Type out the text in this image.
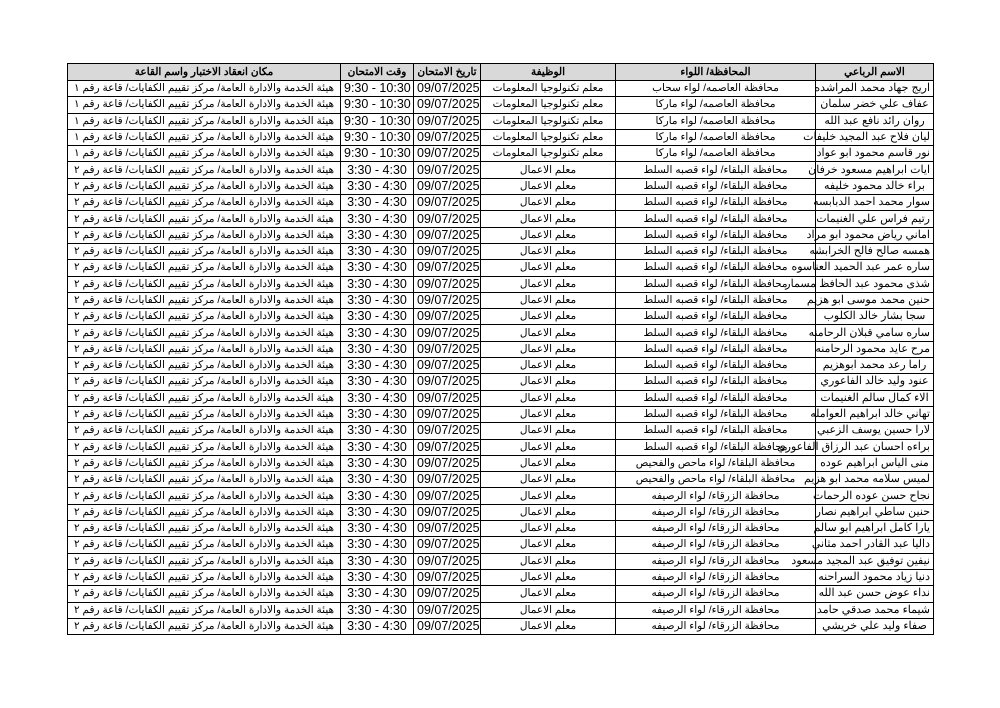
الاسم الرباعي	المحافظة/ اللواء	الوظيفة	تاريخ الامتحان	وقت الامتحان	مكان انعقاد الاختبار واسم القاعة
اريج جهاد محمد المراشده	محافظة العاصمه/ لواء سحاب	معلم تكنولوجيا المعلومات	09/07/2025	9:30 - 10:30	هيئة الخدمة والادارة العامة/ مركز تقييم الكفايات/ قاعة رقم ١
عفاف علي خضر سلمان	محافظة العاصمه/ لواء ماركا	معلم تكنولوجيا المعلومات	09/07/2025	9:30 - 10:30	هيئة الخدمة والادارة العامة/ مركز تقييم الكفايات/ قاعة رقم ١
روان رائد نافع عبد الله	محافظة العاصمه/ لواء ماركا	معلم تكنولوجيا المعلومات	09/07/2025	9:30 - 10:30	هيئة الخدمة والادارة العامة/ مركز تقييم الكفايات/ قاعة رقم ١
ليان فلاح عبد المجيد خليفات	محافظة العاصمه/ لواء ماركا	معلم تكنولوجيا المعلومات	09/07/2025	9:30 - 10:30	هيئة الخدمة والادارة العامة/ مركز تقييم الكفايات/ قاعة رقم ١
نور قاسم محمود ابو عواد	محافظة العاصمه/ لواء ماركا	معلم تكنولوجيا المعلومات	09/07/2025	9:30 - 10:30	هيئة الخدمة والادارة العامة/ مركز تقييم الكفايات/ قاعة رقم ١
ايات ابراهيم مسعود خرفان	محافظة البلقاء/ لواء قصبه السلط	معلم الاعمال	09/07/2025	3:30 - 4:30	هيئة الخدمة والادارة العامة/ مركز تقييم الكفايات/ قاعة رقم ٢
براء خالد محمود خليفه	محافظة البلقاء/ لواء قصبه السلط	معلم الاعمال	09/07/2025	3:30 - 4:30	هيئة الخدمة والادارة العامة/ مركز تقييم الكفايات/ قاعة رقم ٢
سوار محمد احمد الدبابسه	محافظة البلقاء/ لواء قصبه السلط	معلم الاعمال	09/07/2025	3:30 - 4:30	هيئة الخدمة والادارة العامة/ مركز تقييم الكفايات/ قاعة رقم ٢
رتيم فراس علي الغنيمات	محافظة البلقاء/ لواء قصبه السلط	معلم الاعمال	09/07/2025	3:30 - 4:30	هيئة الخدمة والادارة العامة/ مركز تقييم الكفايات/ قاعة رقم ٢
اماني رياض محمود ابو مراد	محافظة البلقاء/ لواء قصبه السلط	معلم الاعمال	09/07/2025	3:30 - 4:30	هيئة الخدمة والادارة العامة/ مركز تقييم الكفايات/ قاعة رقم ٢
همسه صالح فالح الخرابشه	محافظة البلقاء/ لواء قصبه السلط	معلم الاعمال	09/07/2025	3:30 - 4:30	هيئة الخدمة والادارة العامة/ مركز تقييم الكفايات/ قاعة رقم ٢
ساره عمر عبد الحميد العناسوه	محافظة البلقاء/ لواء قصبه السلط	معلم الاعمال	09/07/2025	3:30 - 4:30	هيئة الخدمة والادارة العامة/ مركز تقييم الكفايات/ قاعة رقم ٢
شذى محمود عبد الحافظ مسمار	محافظة البلقاء/ لواء قصبه السلط	معلم الاعمال	09/07/2025	3:30 - 4:30	هيئة الخدمة والادارة العامة/ مركز تقييم الكفايات/ قاعة رقم ٢
حنين محمد موسى ابو هزيم	محافظة البلقاء/ لواء قصبه السلط	معلم الاعمال	09/07/2025	3:30 - 4:30	هيئة الخدمة والادارة العامة/ مركز تقييم الكفايات/ قاعة رقم ٢
سجا بشار خالد الكلوب	محافظة البلقاء/ لواء قصبه السلط	معلم الاعمال	09/07/2025	3:30 - 4:30	هيئة الخدمة والادارة العامة/ مركز تقييم الكفايات/ قاعة رقم ٢
ساره سامي قبلان الرحامنه	محافظة البلقاء/ لواء قصبه السلط	معلم الاعمال	09/07/2025	3:30 - 4:30	هيئة الخدمة والادارة العامة/ مركز تقييم الكفايات/ قاعة رقم ٢
مرح عايد محمود الرحامنه	محافظة البلقاء/ لواء قصبه السلط	معلم الاعمال	09/07/2025	3:30 - 4:30	هيئة الخدمة والادارة العامة/ مركز تقييم الكفايات/ قاعة رقم ٢
راما رعد محمد ابوهزيم	محافظة البلقاء/ لواء قصبه السلط	معلم الاعمال	09/07/2025	3:30 - 4:30	هيئة الخدمة والادارة العامة/ مركز تقييم الكفايات/ قاعة رقم ٢
عنود وليد خالد الفاعوري	محافظة البلقاء/ لواء قصبه السلط	معلم الاعمال	09/07/2025	3:30 - 4:30	هيئة الخدمة والادارة العامة/ مركز تقييم الكفايات/ قاعة رقم ٢
الاء كمال سالم الغنيمات	محافظة البلقاء/ لواء قصبه السلط	معلم الاعمال	09/07/2025	3:30 - 4:30	هيئة الخدمة والادارة العامة/ مركز تقييم الكفايات/ قاعة رقم ٢
تهاني خالد ابراهيم العوامله	محافظة البلقاء/ لواء قصبه السلط	معلم الاعمال	09/07/2025	3:30 - 4:30	هيئة الخدمة والادارة العامة/ مركز تقييم الكفايات/ قاعة رقم ٢
لارا حسين يوسف الزعبي	محافظة البلقاء/ لواء قصبه السلط	معلم الاعمال	09/07/2025	3:30 - 4:30	هيئة الخدمة والادارة العامة/ مركز تقييم الكفايات/ قاعة رقم ٢
براءه احسان عبد الرزاق الفاعوري	محافظة البلقاء/ لواء قصبه السلط	معلم الاعمال	09/07/2025	3:30 - 4:30	هيئة الخدمة والادارة العامة/ مركز تقييم الكفايات/ قاعة رقم ٢
منى الياس ابراهيم عوده	محافظة البلقاء/ لواء ماحص والفحيص	معلم الاعمال	09/07/2025	3:30 - 4:30	هيئة الخدمة والادارة العامة/ مركز تقييم الكفايات/ قاعة رقم ٢
لميس سلامه محمد ابو هزيم	محافظة البلقاء/ لواء ماحص والفحيص	معلم الاعمال	09/07/2025	3:30 - 4:30	هيئة الخدمة والادارة العامة/ مركز تقييم الكفايات/ قاعة رقم ٢
نجاح حسن عوده الرحمات	محافظة الزرقاء/ لواء الرصيفه	معلم الاعمال	09/07/2025	3:30 - 4:30	هيئة الخدمة والادارة العامة/ مركز تقييم الكفايات/ قاعة رقم ٢
حنين ساطي ابراهيم نصار	محافظة الزرقاء/ لواء الرصيفه	معلم الاعمال	09/07/2025	3:30 - 4:30	هيئة الخدمة والادارة العامة/ مركز تقييم الكفايات/ قاعة رقم ٢
يارا كامل ابراهيم ابو سالم	محافظة الزرقاء/ لواء الرصيفه	معلم الاعمال	09/07/2025	3:30 - 4:30	هيئة الخدمة والادارة العامة/ مركز تقييم الكفايات/ قاعة رقم ٢
داليا عبد القادر احمد مثاني	محافظة الزرقاء/ لواء الرصيفه	معلم الاعمال	09/07/2025	3:30 - 4:30	هيئة الخدمة والادارة العامة/ مركز تقييم الكفايات/ قاعة رقم ٢
نيفين توفيق عبد المجيد مسعود	محافظة الزرقاء/ لواء الرصيفه	معلم الاعمال	09/07/2025	3:30 - 4:30	هيئة الخدمة والادارة العامة/ مركز تقييم الكفايات/ قاعة رقم ٢
دنيا زياد محمود السراحنه	محافظة الزرقاء/ لواء الرصيفه	معلم الاعمال	09/07/2025	3:30 - 4:30	هيئة الخدمة والادارة العامة/ مركز تقييم الكفايات/ قاعة رقم ٢
نداء عوض حسن عبد الله	محافظة الزرقاء/ لواء الرصيفه	معلم الاعمال	09/07/2025	3:30 - 4:30	هيئة الخدمة والادارة العامة/ مركز تقييم الكفايات/ قاعة رقم ٢
شيماء محمد صدقي حامد	محافظة الزرقاء/ لواء الرصيفه	معلم الاعمال	09/07/2025	3:30 - 4:30	هيئة الخدمة والادارة العامة/ مركز تقييم الكفايات/ قاعة رقم ٢
صفاء وليد علي خريشي	محافظة الزرقاء/ لواء الرصيفه	معلم الاعمال	09/07/2025	3:30 - 4:30	هيئة الخدمة والادارة العامة/ مركز تقييم الكفايات/ قاعة رقم ٢
